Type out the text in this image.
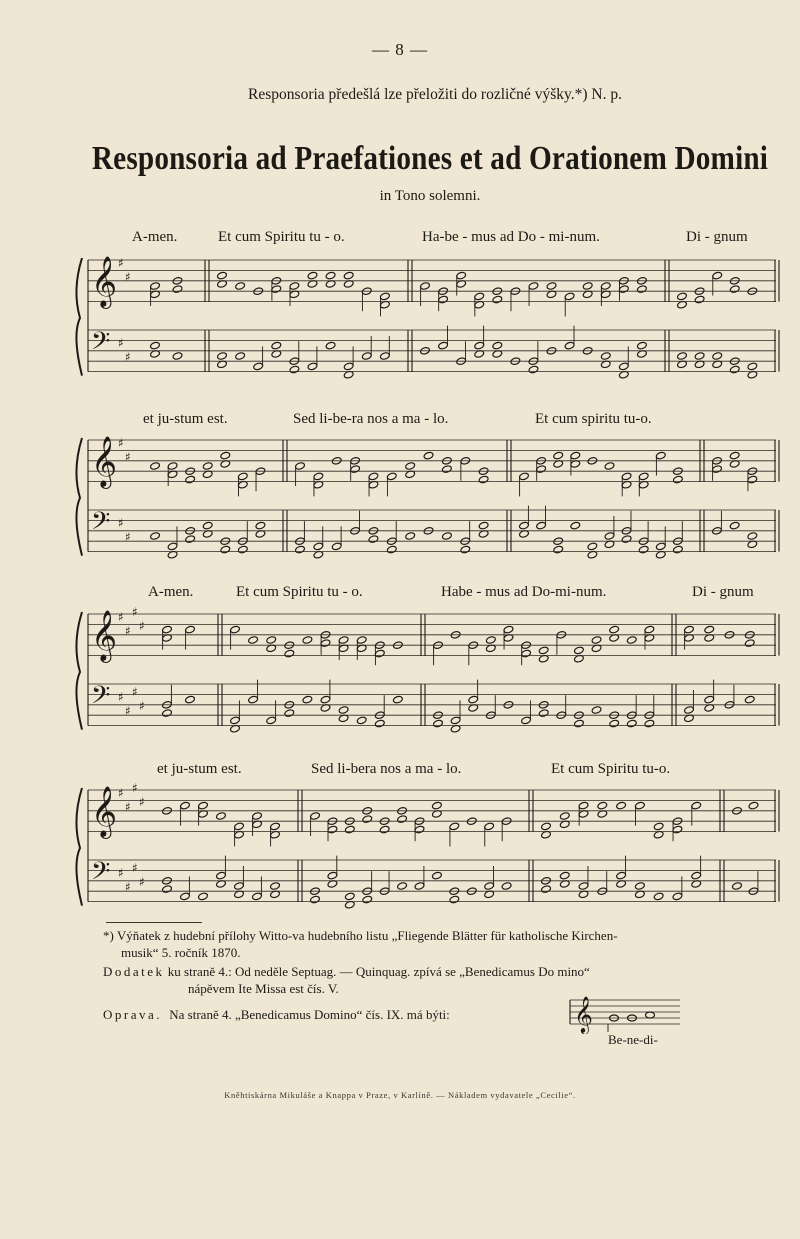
— 8 —
Responsoria předešlá lze přeložiti do rozličné výšky.*) N. p.
Responsoria ad Praefationes et ad Orationem Domini
in Tono solemni.
A-men.	Et cum Spiritu tu - o.	Ha-be - mus ad Do - mi-num.	Di - gnum
𝄞 ♯
♯
𝄢 ♯
♯
et ju-stum est.	Sed li-be-ra nos a ma - lo.	Et cum spiritu tu-o.
𝄞 ♯
♯
𝄢 ♯
♯
A-men.	Et cum Spiritu tu - o.	Habe - mus ad Do-mi-num.	Di - gnum
𝄞 ♯
♯
♯
♯
𝄢 ♯
♯
♯
♯
et ju-stum est.	Sed li-bera nos a ma - lo.	Et cum Spiritu tu-o.
𝄞 ♯
♯
♯
♯
𝄢 ♯
♯
♯
♯
*) Výňatek z hudební přílohy Witto-va hudebního listu „Fliegende Blätter für katholische Kirchen-
musik“ 5. ročník 1870.
Dodatek ku straně 4.: Od neděle Septuag. — Quinquag. zpívá se „Benedicamus Do mino“
nápěvem Ite Missa est čís. V.
Oprava. Na straně 4. „Benedicamus Domino“ čís. IX. má býti:	𝄞
Be-ne-di-
Kněhtiskárna Mikuláše a Knappa v Praze, v Karlíně. — Nákladem vydavatele „Cecilie“.
